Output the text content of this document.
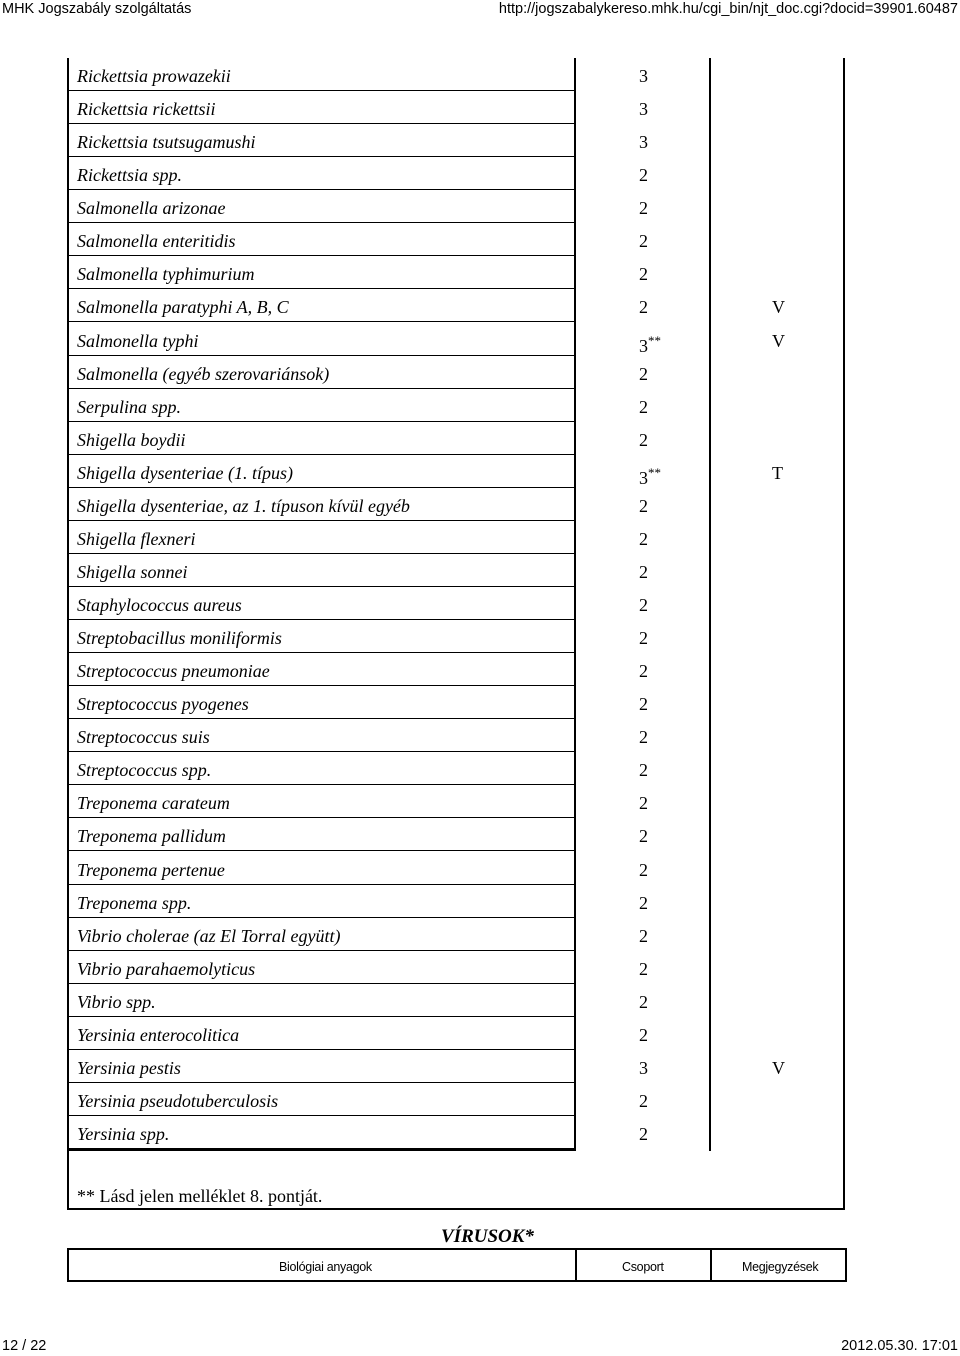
MHK Jogszabály szolgáltatás	http://jogszabalykereso.mhk.hu/cgi_bin/njt_doc.cgi?docid=39901.60487
** Lásd jelen melléklet 8. pontját.
Rickettsia prowazekii	3
Rickettsia rickettsii	3
Rickettsia tsutsugamushi	3
Rickettsia spp.	2
Salmonella arizonae	2
Salmonella enteritidis	2
Salmonella typhimurium	2
Salmonella paratyphi A, B, C	2	V
Salmonella typhi	3**	V
Salmonella (egyéb szerovariánsok)	2
Serpulina spp.	2
Shigella boydii	2
Shigella dysenteriae (1. típus)	3**	T
Shigella dysenteriae, az 1. típuson kívül egyéb	2
Shigella flexneri	2
Shigella sonnei	2
Staphylococcus aureus	2
Streptobacillus moniliformis	2
Streptococcus pneumoniae	2
Streptococcus pyogenes	2
Streptococcus suis	2
Streptococcus spp.	2
Treponema carateum	2
Treponema pallidum	2
Treponema pertenue	2
Treponema spp.	2
Vibrio cholerae (az El Torral együtt)	2
Vibrio parahaemolyticus	2
Vibrio spp.	2
Yersinia enterocolitica	2
Yersinia pestis	3	V
Yersinia pseudotuberculosis	2
Yersinia spp.	2
VÍRUSOK*
Biológiai anyagok	Csoport	Megjegyzések
12 / 22	2012.05.30. 17:01
